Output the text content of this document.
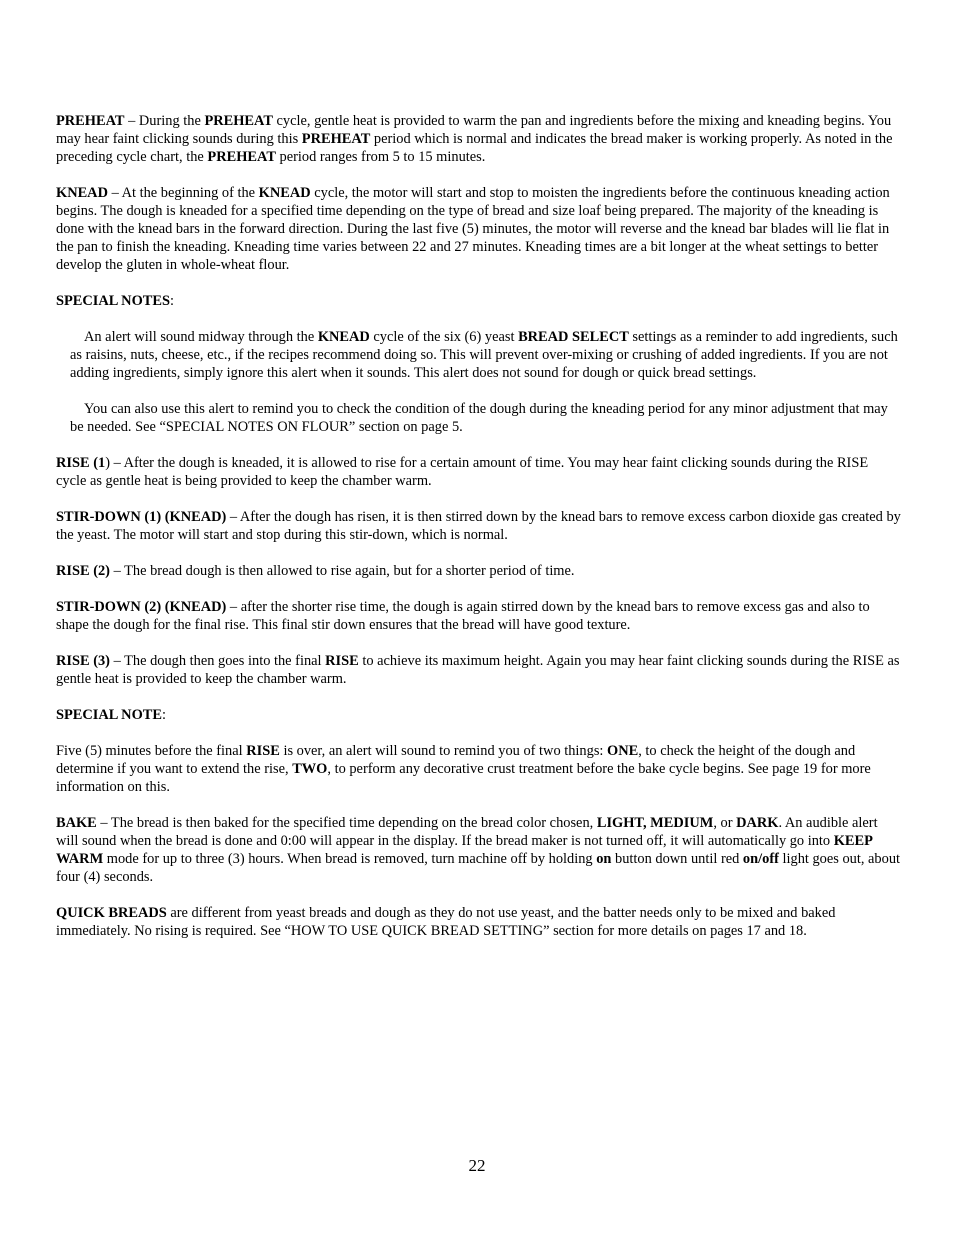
PREHEAT – During the PREHEAT cycle, gentle heat is provided to warm the pan and ingredients before the mixing and kneading begins. You may hear faint clicking sounds during this PREHEAT period which is normal and indicates the bread maker is working properly. As noted in the preceding cycle chart, the PREHEAT period ranges from 5 to 15 minutes.

KNEAD – At the beginning of the KNEAD cycle, the motor will start and stop to moisten the ingredients before the continuous kneading action begins. The dough is kneaded for a specified time depending on the type of bread and size loaf being prepared. The majority of the kneading is done with the knead bars in the forward direction. During the last five (5) minutes, the motor will reverse and the knead bar blades will lie flat in the pan to finish the kneading. Kneading time varies between 22 and 27 minutes. Kneading times are a bit longer at the wheat settings to better develop the gluten in whole-wheat flour.

SPECIAL NOTES:

An alert will sound midway through the KNEAD cycle of the six (6) yeast BREAD SELECT settings as a reminder to add ingredients, such as raisins, nuts, cheese, etc., if the recipes recommend doing so. This will prevent over-mixing or crushing of added ingredients. If you are not adding ingredients, simply ignore this alert when it sounds. This alert does not sound for dough or quick bread settings.

You can also use this alert to remind you to check the condition of the dough during the kneading period for any minor adjustment that may be needed. See “SPECIAL NOTES ON FLOUR” section on page 5.

RISE (1) – After the dough is kneaded, it is allowed to rise for a certain amount of time. You may hear faint clicking sounds during the RISE cycle as gentle heat is being provided to keep the chamber warm.

STIR-DOWN (1) (KNEAD) – After the dough has risen, it is then stirred down by the knead bars to remove excess carbon dioxide gas created by the yeast. The motor will start and stop during this stir-down, which is normal.

RISE (2) – The bread dough is then allowed to rise again, but for a shorter period of time.

STIR-DOWN (2) (KNEAD) – after the shorter rise time, the dough is again stirred down by the knead bars to remove excess gas and also to shape the dough for the final rise. This final stir down ensures that the bread will have good texture.

RISE (3) – The dough then goes into the final RISE to achieve its maximum height. Again you may hear faint clicking sounds during the RISE as gentle heat is provided to keep the chamber warm.

SPECIAL NOTE:

Five (5) minutes before the final RISE is over, an alert will sound to remind you of two things: ONE, to check the height of the dough and determine if you want to extend the rise, TWO, to perform any decorative crust treatment before the bake cycle begins. See page 19 for more information on this.

BAKE – The bread is then baked for the specified time depending on the bread color chosen, LIGHT, MEDIUM, or DARK. An audible alert will sound when the bread is done and 0:00 will appear in the display. If the bread maker is not turned off, it will automatically go into KEEP WARM mode for up to three (3) hours. When bread is removed, turn machine off by holding on button down until red on/off light goes out, about four (4) seconds.

QUICK BREADS are different from yeast breads and dough as they do not use yeast, and the batter needs only to be mixed and baked immediately. No rising is required. See “HOW TO USE QUICK BREAD SETTING” section for more details on pages 17 and 18.

22
